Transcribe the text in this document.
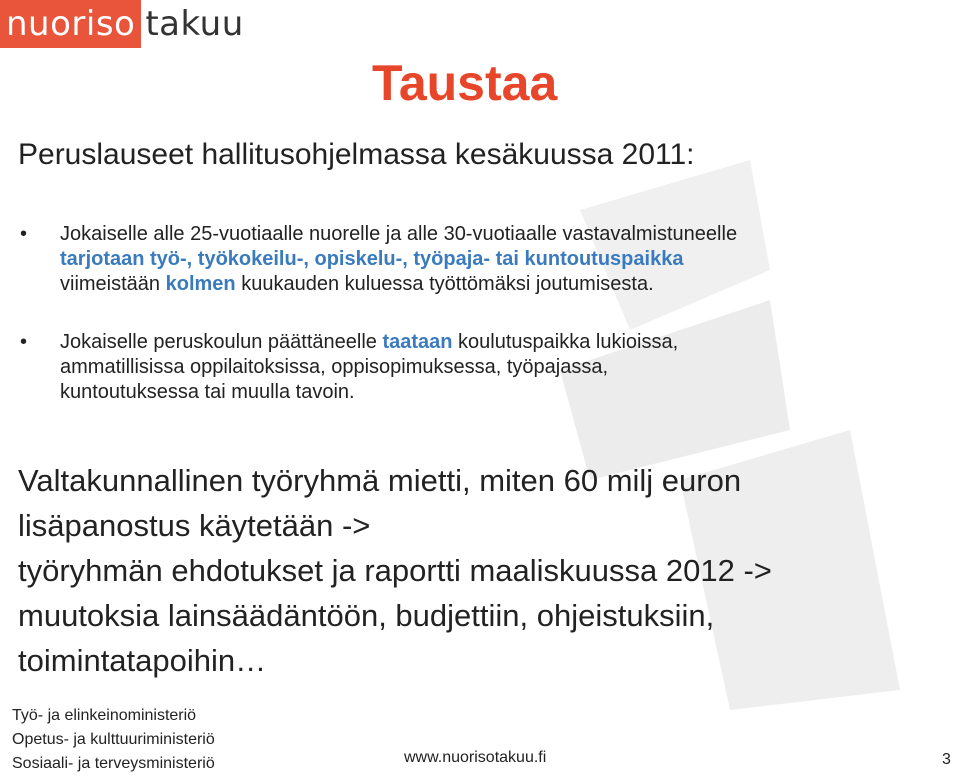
nuoriso takuu
Taustaa

Peruslauseet hallitusohjelmassa kesäkuussa 2011:

• Jokaiselle alle 25-vuotiaalle nuorelle ja alle 30-vuotiaalle vastavalmistuneelle
tarjotaan työ-, työkokeilu-, opiskelu-, työpaja- tai kuntoutuspaikka
viimeistään kolmen kuukauden kuluessa työttömäksi joutumisesta.
• Jokaiselle peruskoulun päättäneelle taataan koulutuspaikka lukioissa,
ammatillisissa oppilaitoksissa, oppisopimuksessa, työpajassa,
kuntoutuksessa tai muulla tavoin.
Valtakunnallinen työryhmä mietti, miten 60 milj euron
lisäpanostus käytetään ->
työryhmän ehdotukset ja raportti maaliskuussa 2012 ->
muutoksia lainsäädäntöön, budjettiin, ohjeistuksiin,
toimintatapoihin…
Työ- ja elinkeinoministeriö
Opetus- ja kulttuuriministeriö
Sosiaali- ja terveysministeriö	www.nuorisotakuu.fi	3
